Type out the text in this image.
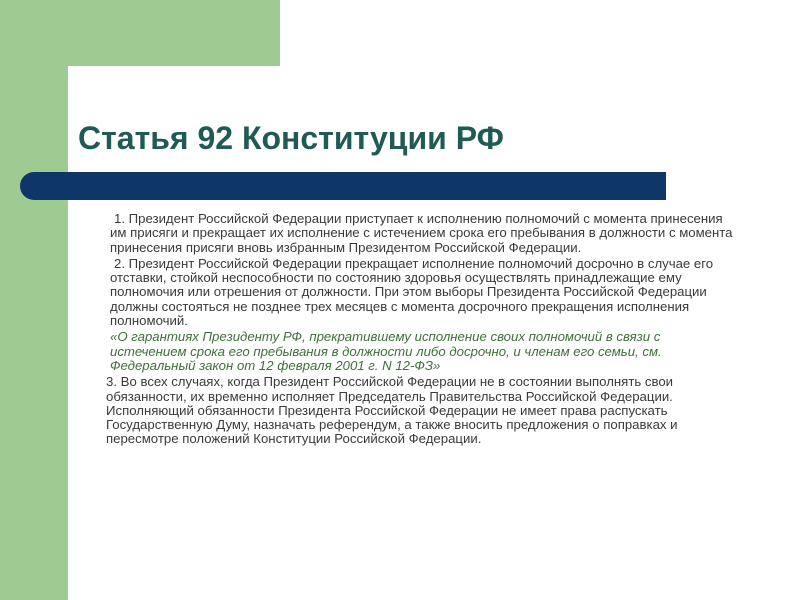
Статья 92 Конституции РФ

1. Президент Российской Федерации приступает к исполнению полномочий с момента принесения им присяги и прекращает их исполнение с истечением срока его пребывания в должности с момента принесения присяги вновь избранным Президентом Российской Федерации.

2. Президент Российской Федерации прекращает исполнение полномочий досрочно в случае его отставки, стойкой неспособности по состоянию здоровья осуществлять принадлежащие ему полномочия или отрешения от должности. При этом выборы Президента Российской Федерации должны состояться не позднее трех месяцев с момента досрочного прекращения исполнения полномочий.

«О гарантиях Президенту РФ, прекратившему исполнение своих полномочий в связи с истечением срока его пребывания в должности либо досрочно, и членам его семьи, см. Федеральный закон от 12 февраля 2001 г. N 12-ФЗ»

3. Во всех случаях, когда Президент Российской Федерации не в состоянии выполнять свои обязанности, их временно исполняет Председатель Правительства Российской Федерации. Исполняющий обязанности Президента Российской Федерации не имеет права распускать Государственную Думу, назначать референдум, а также вносить предложения о поправках и пересмотре положений Конституции Российской Федерации.
